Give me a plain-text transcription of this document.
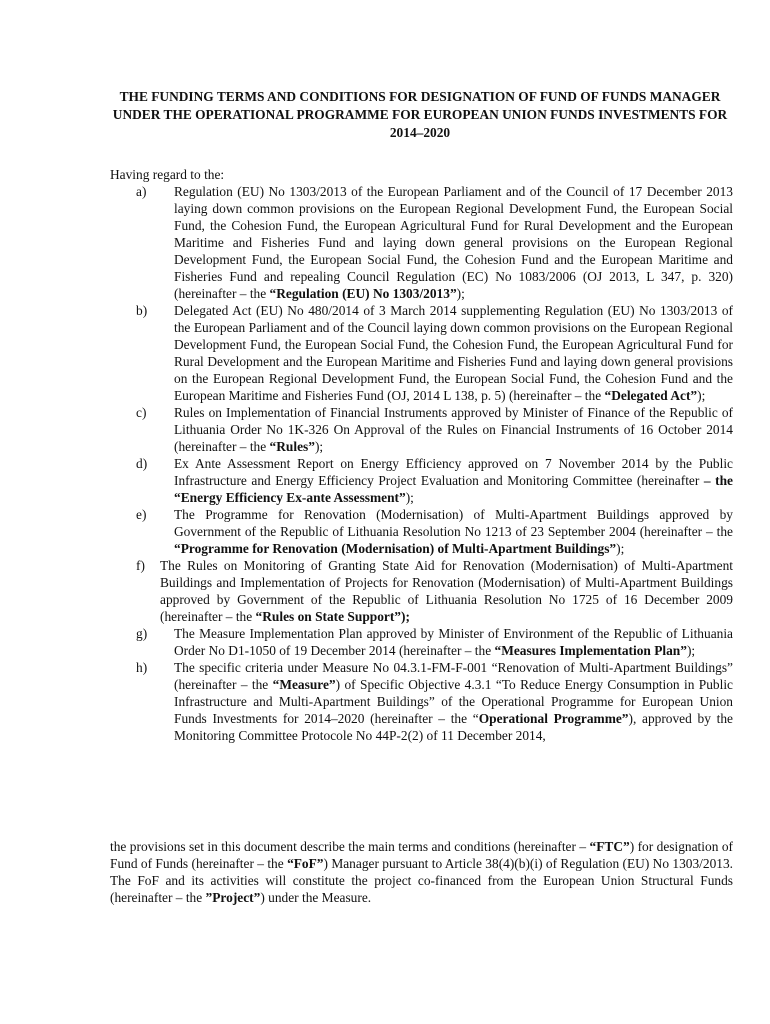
THE FUNDING TERMS AND CONDITIONS FOR DESIGNATION OF FUND OF FUNDS MANAGER UNDER THE OPERATIONAL PROGRAMME FOR EUROPEAN UNION FUNDS INVESTMENTS FOR 2014–2020

Having regard to the:

a) Regulation (EU) No 1303/2013 of the European Parliament and of the Council of 17 December 2013 laying down common provisions on the European Regional Development Fund, the European Social Fund, the Cohesion Fund, the European Agricultural Fund for Rural Development and the European Maritime and Fisheries Fund and laying down general provisions on the European Regional Development Fund, the European Social Fund, the Cohesion Fund and the European Maritime and Fisheries Fund and repealing Council Regulation (EC) No 1083/2006 (OJ 2013, L 347, p. 320) (hereinafter – the “Regulation (EU) No 1303/2013”);
b) Delegated Act (EU) No 480/2014 of 3 March 2014 supplementing Regulation (EU) No 1303/2013 of the European Parliament and of the Council laying down common provisions on the European Regional Development Fund, the European Social Fund, the Cohesion Fund, the European Agricultural Fund for Rural Development and the European Maritime and Fisheries Fund and laying down general provisions on the European Regional Development Fund, the European Social Fund, the Cohesion Fund and the European Maritime and Fisheries Fund (OJ, 2014 L 138, p. 5) (hereinafter – the “Delegated Act”);
c) Rules on Implementation of Financial Instruments approved by Minister of Finance of the Republic of Lithuania Order No 1K-326 On Approval of the Rules on Financial Instruments of 16 October 2014 (hereinafter – the “Rules”);
d) Ex Ante Assessment Report on Energy Efficiency approved on 7 November 2014 by the Public Infrastructure and Energy Efficiency Project Evaluation and Monitoring Committee (hereinafter – the “Energy Efficiency Ex-ante Assessment”);
e) The Programme for Renovation (Modernisation) of Multi-Apartment Buildings approved by Government of the Republic of Lithuania Resolution No 1213 of 23 September 2004 (hereinafter – the “Programme for Renovation (Modernisation) of Multi-Apartment Buildings”);
f) The Rules on Monitoring of Granting State Aid for Renovation (Modernisation) of Multi-Apartment Buildings and Implementation of Projects for Renovation (Modernisation) of Multi-Apartment Buildings approved by Government of the Republic of Lithuania Resolution No 1725 of 16 December 2009 (hereinafter – the “Rules on State Support”);
g) The Measure Implementation Plan approved by Minister of Environment of the Republic of Lithuania Order No D1-1050 of 19 December 2014 (hereinafter – the “Measures Implementation Plan”);
h) The specific criteria under Measure No 04.3.1-FM-F-001 “Renovation of Multi-Apartment Buildings” (hereinafter – the “Measure”) of Specific Objective 4.3.1 “To Reduce Energy Consumption in Public Infrastructure and Multi-Apartment Buildings” of the Operational Programme for European Union Funds Investments for 2014–2020 (hereinafter – the “Operational Programme”), approved by the Monitoring Committee Protocole No 44P-2(2) of 11 December 2014,

the provisions set in this document describe the main terms and conditions (hereinafter – “FTC”) for designation of Fund of Funds (hereinafter – the “FoF”) Manager pursuant to Article 38(4)(b)(i) of Regulation (EU) No 1303/2013. The FoF and its activities will constitute the project co-financed from the European Union Structural Funds (hereinafter – the ”Project”) under the Measure.
